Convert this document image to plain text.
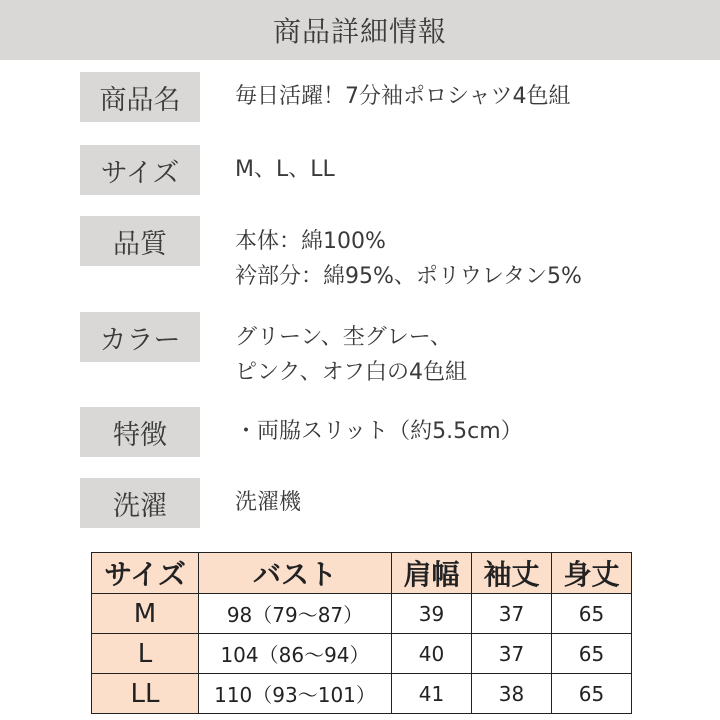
商品詳細情報
商品名	毎日活躍！7分袖ポロシャツ4色組
サイズ	M、L、LL
品質	本体：綿100%
衿部分：綿95%、ポリウレタン5%
カラー	グリーン、杢グレー、
ピンク、オフ白の4色組
特徴	・両脇スリット（約5.5cm）
洗濯	洗濯機
サイズ	バスト	肩幅	袖丈	身丈
M	98（79～87）	39	37	65
L	104（86～94）	40	37	65
LL	110（93～101）	41	38	65
